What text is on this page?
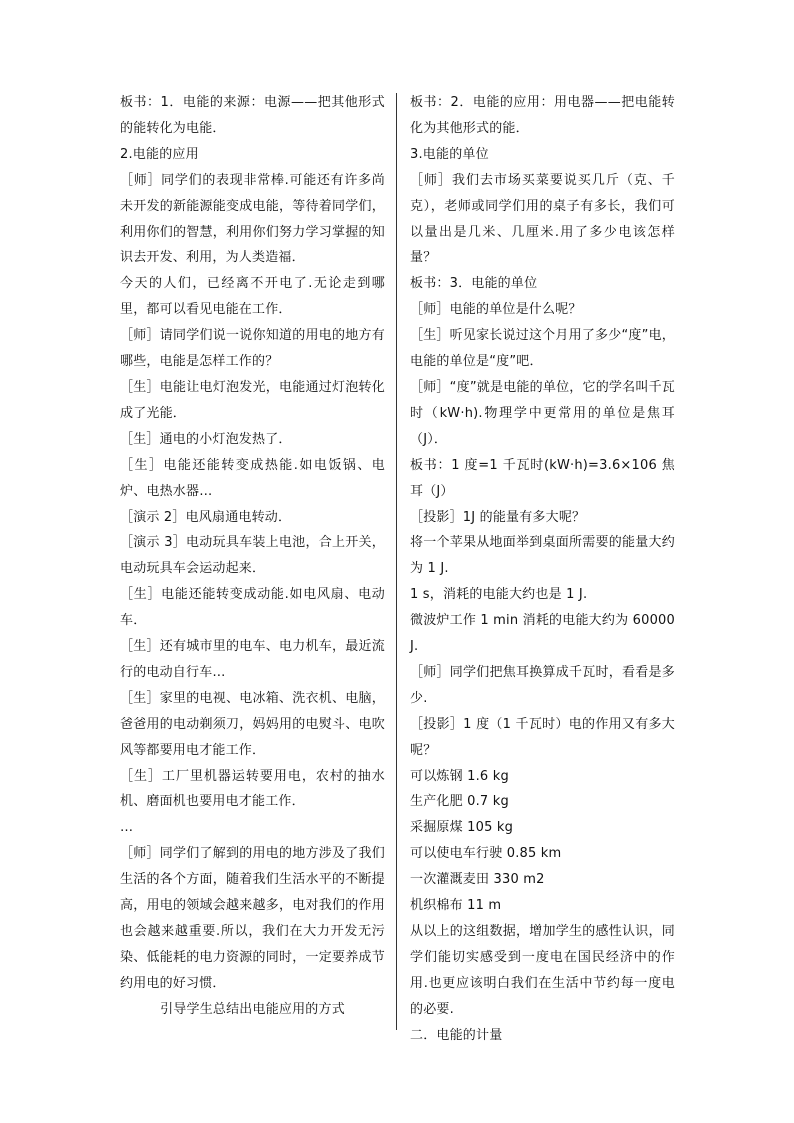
板书：1．电能的来源：电源——把其他形式的能转化为电能．

2.电能的应用

［师］同学们的表现非常棒.可能还有许多尚未开发的新能源能变成电能，等待着同学们，利用你们的智慧，利用你们努力学习掌握的知识去开发、利用，为人类造福．

今天的人们，已经离不开电了.无论走到哪里，都可以看见电能在工作．

［师］请同学们说一说你知道的用电的地方有哪些，电能是怎样工作的？

［生］电能让电灯泡发光，电能通过灯泡转化成了光能．

［生］通电的小灯泡发热了．

［生］电能还能转变成热能.如电饭锅、电炉、电热水器…

［演示 2］电风扇通电转动．

［演示 3］电动玩具车装上电池，合上开关，电动玩具车会运动起来．

［生］电能还能转变成动能.如电风扇、电动车．

［生］还有城市里的电车、电力机车，最近流行的电动自行车…

［生］家里的电视、电冰箱、洗衣机、电脑，爸爸用的电动剃须刀，妈妈用的电熨斗、电吹风等都要用电才能工作．

［生］工厂里机器运转要用电，农村的抽水机、磨面机也要用电才能工作．

…

［师］同学们了解到的用电的地方涉及了我们生活的各个方面，随着我们生活水平的不断提高，用电的领域会越来越多，电对我们的作用也会越来越重要.所以，我们在大力开发无污染、低能耗的电力资源的同时，一定要养成节约用电的好习惯．

引导学生总结出电能应用的方式

板书：2．电能的应用：用电器——把电能转化为其他形式的能．

3.电能的单位

［师］我们去市场买菜要说买几斤（克、千克），老师或同学们用的桌子有多长，我们可以量出是几米、几厘米.用了多少电该怎样量？

板书：3．电能的单位

［师］电能的单位是什么呢？

［生］听见家长说过这个月用了多少“度”电，电能的单位是“度”吧．

［师］“度”就是电能的单位，它的学名叫千瓦时（kW·h).物理学中更常用的单位是焦耳（J）．

板书：1 度=1 千瓦时(kW·h)=3.6×106 焦耳（J）

［投影］1J 的能量有多大呢？

将一个苹果从地面举到桌面所需要的能量大约为 1 J.

1 s，消耗的电能大约也是 1 J.

微波炉工作 1 min 消耗的电能大约为 60000 J.

［师］同学们把焦耳换算成千瓦时，看看是多少.

［投影］1 度（1 千瓦时）电的作用又有多大呢？

可以炼钢 1.6 kg

生产化肥 0.7 kg

采掘原煤 105 kg

可以使电车行驶 0.85 km

一次灌溉麦田 330 m2

机织棉布 11 m

从以上的这组数据，增加学生的感性认识，同学们能切实感受到一度电在国民经济中的作用.也更应该明白我们在生活中节约每一度电的必要.

二．电能的计量
